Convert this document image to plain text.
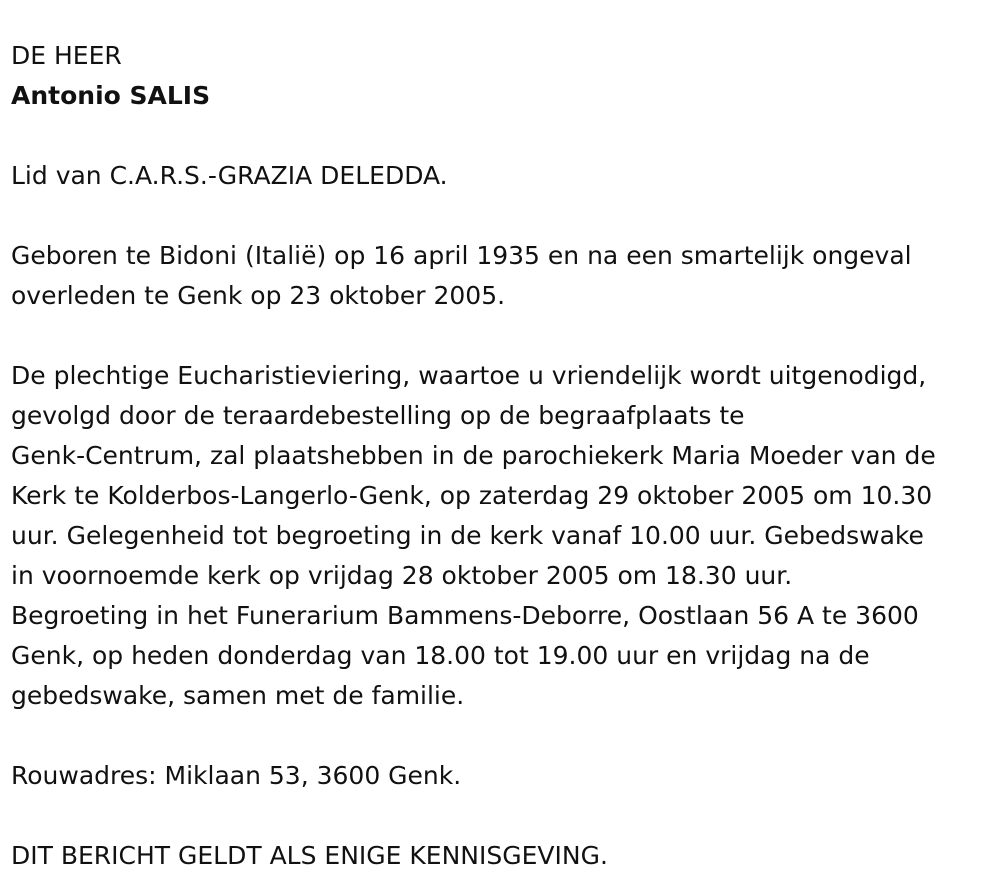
DE HEER

Antonio SALIS

Lid van C.A.R.S.-GRAZIA DELEDDA.

Geboren te Bidoni (Italië) op 16 april 1935 en na een smartelijk ongeval
overleden te Genk op 23 oktober 2005.

De plechtige Eucharistieviering, waartoe u vriendelijk wordt uitgenodigd,
gevolgd door de teraardebestelling op de begraafplaats te
Genk-Centrum, zal plaatshebben in de parochiekerk Maria Moeder van de
Kerk te Kolderbos-Langerlo-Genk, op zaterdag 29 oktober 2005 om 10.30
uur. Gelegenheid tot begroeting in de kerk vanaf 10.00 uur. Gebedswake
in voornoemde kerk op vrijdag 28 oktober 2005 om 18.30 uur.
Begroeting in het Funerarium Bammens-Deborre, Oostlaan 56 A te 3600
Genk, op heden donderdag van 18.00 tot 19.00 uur en vrijdag na de
gebedswake, samen met de familie.

Rouwadres: Miklaan 53, 3600 Genk.

DIT BERICHT GELDT ALS ENIGE KENNISGEVING.
